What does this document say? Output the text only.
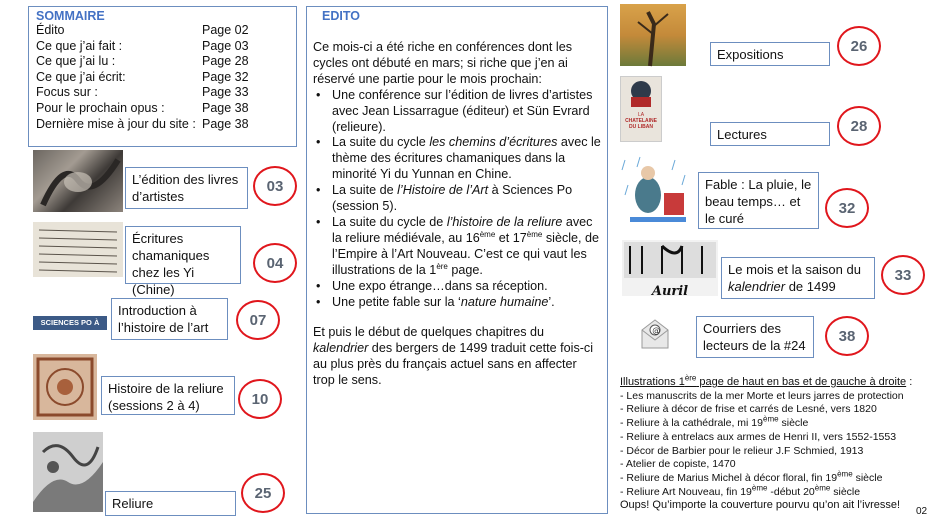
SOMMAIRE
Édito	Page 02
Ce que j’ai fait :	Page 03
Ce que j’ai lu :	Page 28
Ce que j’ai écrit:	Page 32
Focus sur :	Page 33
Pour le prochain opus :	Page 38
Dernière mise à jour du site : Page 38
EDITO
Ce mois-ci a été riche en conférences dont les cycles ont débuté en mars; si riche que j’en ai réservé une partie pour le mois prochain:
• Une conférence sur l’édition de livres d’artistes avec Jean Lissarrague (éditeur) et Sün Evrard (relieure).
• La suite du cycle les chemins d’écritures avec le thème des écritures chamaniques dans la minorité Yi du Yunnan en Chine.
• La suite de l’Histoire de l’Art à Sciences Po (session 5).
• La suite du cycle de l’histoire de la reliure avec la reliure médiévale, au 16ème et 17ème siècle, de l’Empire à l’Art Nouveau. C’est ce qui vaut les illustrations de la 1ère page.
• Une expo étrange…dans sa réception.
• Une petite fable sur la ‘nature humaine’.
Et puis le début de quelques chapitres du kalendrier des bergers de 1499 traduit cette fois-ci au plus près du français actuel sans en affecter trop le sens.
L’édition des livres d’artistes
03
Écritures chamaniques chez les Yi (Chine)
04
SCIENCES PO À ORSAY
Introduction à l’histoire de l’art	07
Histoire de la reliure (sessions 2 à 4)	10
Reliure
25
Expositions	26
LA
CHATELAINE
DU LIBAN	Lectures	28
Fable : La pluie, le beau temps… et le curé
32
Auril
Le mois et la saison du kalendrier de 1499
33
@	Courriers des lecteurs de la #24
38
Illustrations 1ère page de haut en bas et de gauche à droite :
- Les manuscrits de la mer Morte et leurs jarres de protection
- Reliure à décor de frise et carrés de Lesné, vers 1820
- Reliure à la cathédrale, mi 19ème siècle
- Reliure à entrelacs aux armes de Henri II, vers 1552-1553
- Décor de Barbier pour le relieur J.F Schmied, 1913
- Atelier de copiste, 1470
- Reliure de Marius Michel à décor floral, fin 19ème siècle
- Reliure Art Nouveau, fin 19ème -début 20ème siècle
Oups! Qu’importe la couverture pourvu qu’on ait l’ivresse!
02
